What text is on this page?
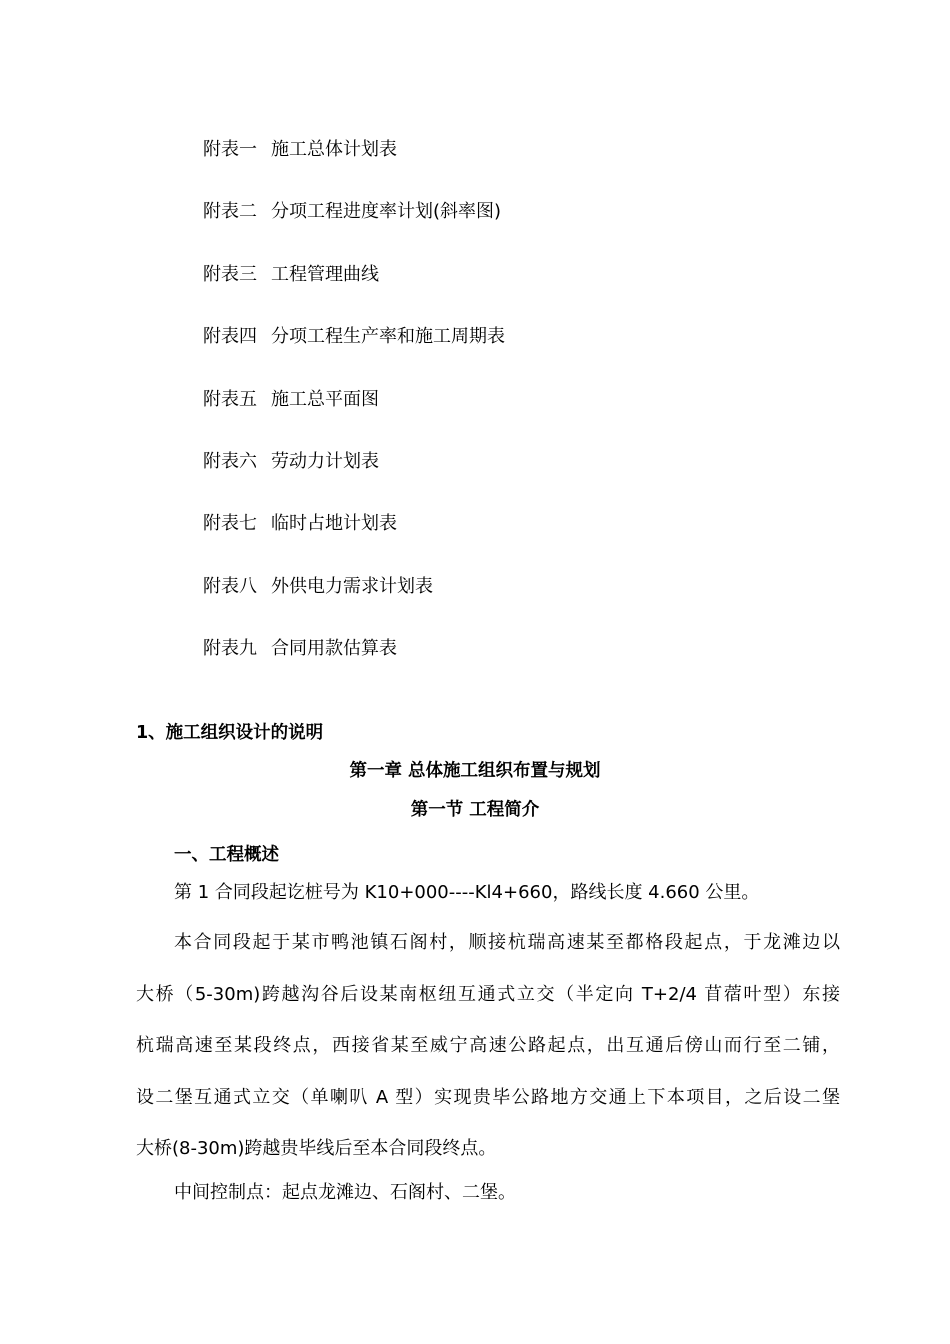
附表一 施工总体计划表
附表二 分项工程进度率计划(斜率图)
附表三 工程管理曲线
附表四 分项工程生产率和施工周期表
附表五 施工总平面图
附表六 劳动力计划表
附表七 临时占地计划表
附表八 外供电力需求计划表
附表九 合同用款估算表
1、施工组织设计的说明
第一章 总体施工组织布置与规划
第一节 工程简介
一、工程概述
第 1 合同段起讫桩号为 K10+000----Kl4+660，路线长度 4.660 公里。
本合同段起于某市鸭池镇石阁村，顺接杭瑞高速某至都格段起点，于龙滩边以
大桥（5-30m)跨越沟谷后设某南枢纽互通式立交（半定向 T+2/4 苜蓿叶型）东接
杭瑞高速至某段终点，西接省某至威宁高速公路起点，出互通后傍山而行至二铺，
设二堡互通式立交（单喇叭 A 型）实现贵毕公路地方交通上下本项目，之后设二堡
大桥(8-30m)跨越贵毕线后至本合同段终点。
中间控制点：起点龙滩边、石阁村、二堡。
